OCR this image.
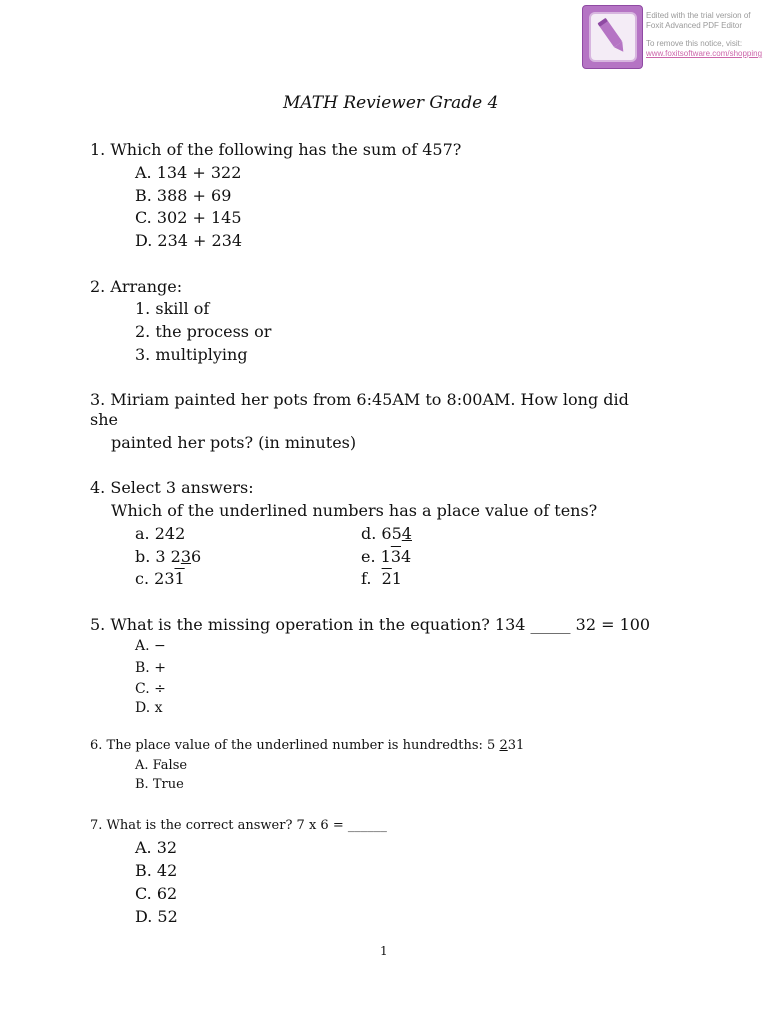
Edited with the trial version of
Foxit Advanced PDF Editor
To remove this notice, visit:
www.foxitsoftware.com/shopping
MATH Reviewer Grade 4
1. Which of the following has the sum of 457?
A. 134 + 322
B. 388 + 69
C. 302 + 145
D. 234 + 234
2. Arrange:
1. skill of
2. the process or
3. multiplying
3. Miriam painted her pots from 6:45AM to 8:00AM. How long did
she
painted her pots? (in minutes)
4. Select 3 answers:
Which of the underlined numbers has a place value of tens?
a. 242
b. 3 236
c. 231
d. 654
e. 134
f.  21
5. What is the missing operation in the equation? 134 _____ 32 = 100
A. −
B. +
C. ÷
D. x
6. The place value of the underlined number is hundredths: 5 231
A. False
B. True
7. What is the correct answer? 7 x 6 = ______
A. 32
B. 42
C. 62
D. 52
1
